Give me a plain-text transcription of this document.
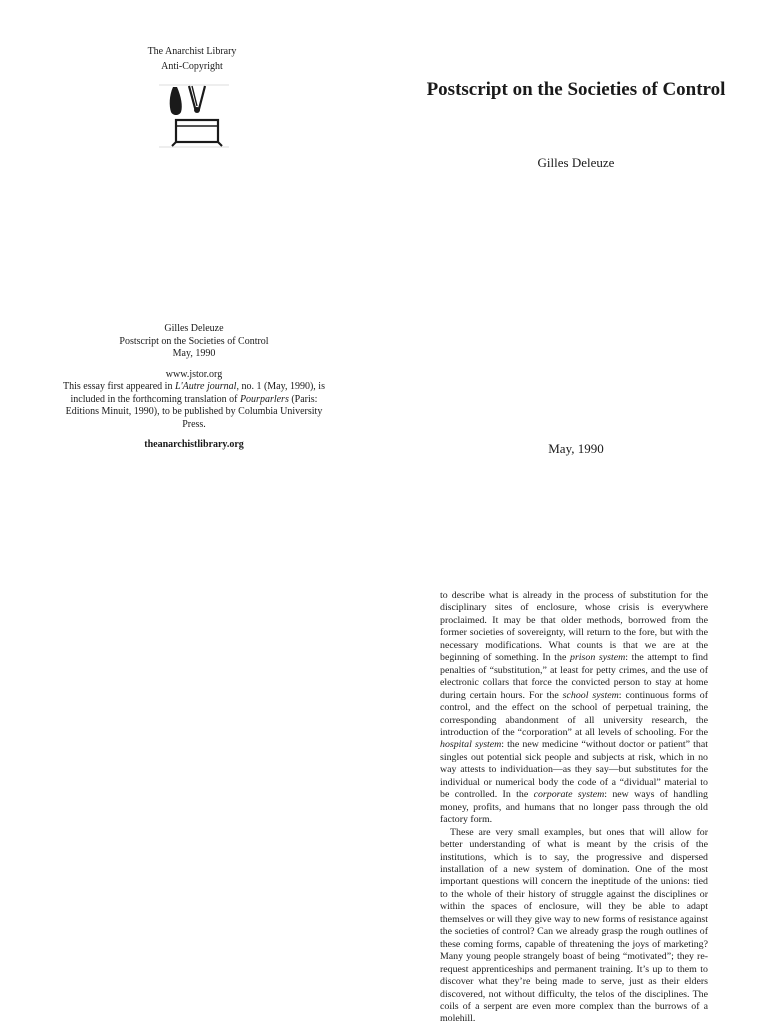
The Anarchist Library
Anti-Copyright
Gilles Deleuze
Postscript on the Societies of Control
May, 1990
www.jstor.org
This essay first appeared in L'Autre journal, no. 1 (May, 1990), is included in the forthcoming translation of Pourparlers (Paris: Editions Minuit, 1990), to be published by Columbia University Press.
theanarchistlibrary.org
Postscript on the Societies of Control
Gilles Deleuze
May, 1990

to describe what is already in the process of substitution for the disciplinary sites of enclosure, whose crisis is everywhere proclaimed. It may be that older methods, borrowed from the former societies of sovereignty, will return to the fore, but with the necessary modifications. What counts is that we are at the beginning of something. In the prison system: the attempt to find penalties of “substitution,” at least for petty crimes, and the use of electronic collars that force the convicted person to stay at home during certain hours. For the school system: continuous forms of control, and the effect on the school of perpetual training, the corresponding abandonment of all university research, the introduction of the “corporation” at all levels of schooling. For the hospital system: the new medicine “without doctor or patient” that singles out potential sick people and subjects at risk, which in no way attests to individuation—as they say—but substitutes for the individual or numerical body the code of a “dividual” material to be controlled. In the corporate system: new ways of handling money, profits, and humans that no longer pass through the old factory form.

These are very small examples, but ones that will allow for better understanding of what is meant by the crisis of the institutions, which is to say, the progressive and dispersed installation of a new system of domination. One of the most important questions will concern the ineptitude of the unions: tied to the whole of their history of struggle against the disciplines or within the spaces of enclosure, will they be able to adapt themselves or will they give way to new forms of resistance against the societies of control? Can we already grasp the rough outlines of these coming forms, capable of threatening the joys of marketing? Many young people strangely boast of being “motivated”; they re-request apprenticeships and permanent training. It’s up to them to discover what they’re being made to serve, just as their elders discovered, not without difficulty, the telos of the disciplines. The coils of a serpent are even more complex than the burrows of a molehill.
